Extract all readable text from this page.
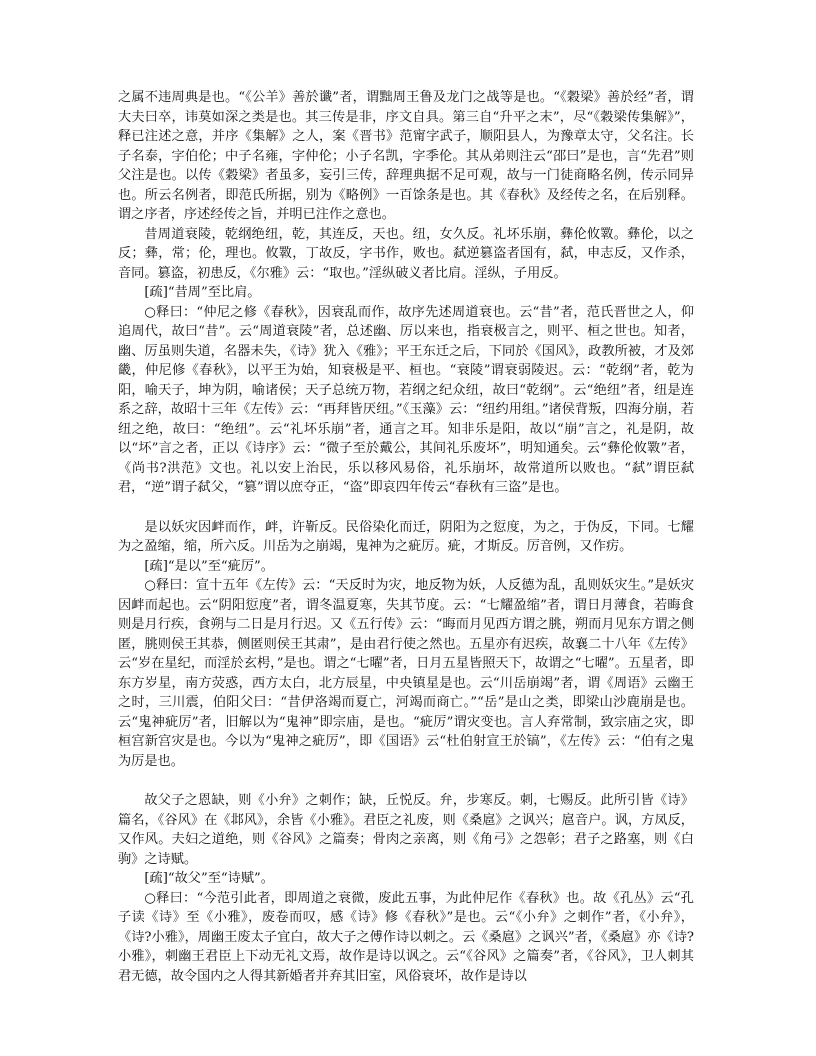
之属不违周典是也。“《公羊》善於谶”者，谓黜周王鲁及龙门之战等是也。“《穀梁》善於经”者，谓大夫曰卒，讳莫如深之类是也。其三传是非，序文自具。第三自“升平之末”，尽“《穀梁传集解》”，释已注述之意，并序《集解》之人，案《晋书》范甯字武子，顺阳县人，为豫章太守，父名注。长子名泰，字伯伦；中子名雍，字仲伦；小子名凯，字季伦。其从弟则注云“邵曰”是也，言“先君”则父注是也。以传《穀梁》者虽多，妄引三传，辞理典据不足可观，故与一门徒商略名例，传示同异也。所云名例者，即范氏所据，别为《略例》一百馀条是也。其《春秋》及经传之名，在后别释。谓之序者，序述经传之旨，并明已注作之意也。

昔周道衰陵，乾纲绝纽，乾，其连反，天也。纽，女久反。礼坏乐崩，彝伦攸斁。彝伦，以之反；彝，常；伦，理也。攸斁，丁故反，字书作，败也。弑逆篡盗者国有，弑，申志反，又作杀，音同。篡盗，初患反，《尔雅》云：“取也。”淫纵破义者比肩。淫纵，子用反。

[疏]“昔周”至比肩。

○释曰：“仲尼之修《春秋》，因衰乱而作，故序先述周道衰也。云“昔”者，范氏晋世之人，仰追周代，故曰“昔”。云“周道衰陵”者，总述幽、厉以来也，指衰极言之，则平、桓之世也。知者，幽、厉虽则失道，名器未失，《诗》犹入《雅》；平王东迁之后，下同於《国风》，政教所被，才及郊畿，仲尼修《春秋》，以平王为始，知衰极是平、桓也。“衰陵”谓衰弱陵迟。云：“乾纲”者，乾为阳，喻天子，坤为阴，喻诸侯；天子总统万物，若纲之纪众纽，故曰“乾纲”。云“绝纽”者，纽是连系之辞，故昭十三年《左传》云：“再拜皆厌纽。”《玉藻》云：“纽约用组。”诸侯背叛，四海分崩，若纽之绝，故曰：“绝纽”。云“礼坏乐崩”者，通言之耳。知非乐是阳，故以“崩”言之，礼是阴，故以“坏”言之者，正以《诗序》云：“微子至於戴公，其间礼乐废坏”，明知通矣。云“彝伦攸斁”者，《尚书?洪范》文也。礼以安上治民，乐以移风易俗，礼乐崩坏，故常道所以败也。“弑”谓臣弑君，“逆”谓子弑父，“篡”谓以庶夺正，“盗”即哀四年传云“春秋有三盗”是也。

是以妖灾因衅而作，衅，许靳反。民俗染化而迁，阴阳为之愆度，为之，于伪反，下同。七耀为之盈缩，缩，所六反。川岳为之崩竭，鬼神为之疵厉。疵，才斯反。厉音例，又作疠。

[疏]“是以”至“疵厉”。

○释曰：宣十五年《左传》云：“天反时为灾，地反物为妖，人反德为乱，乱则妖灾生。”是妖灾因衅而起也。云“阴阳愆度”者，谓冬温夏寒，失其节度。云：“七耀盈缩”者，谓日月薄食，若晦食则是月行疾，食朔与二日是月行迟。又《五行传》云：“晦而月见西方谓之朓，朔而月见东方谓之侧匿，朓则侯王其恭，侧匿则侯王其肃”，是由君行使之然也。五星亦有迟疾，故襄二十八年《左传》云“岁在星纪，而淫於玄枵，”是也。谓之“七曜”者，日月五星皆照天下，故谓之“七曜”。五星者，即东方岁星，南方荧惑，西方太白，北方辰星，中央镇星是也。云“川岳崩竭”者，谓《周语》云幽王之时，三川震，伯阳父曰：“昔伊洛竭而夏亡，河竭而商亡。”“岳”是山之类，即梁山沙鹿崩是也。云“鬼神疵厉”者，旧解以为“鬼神”即宗庙，是也。“疵厉”谓灾变也。言人弃常制，致宗庙之灾，即桓宫新宫灾是也。今以为“鬼神之疵厉”，即《国语》云“杜伯射宣王於镐”，《左传》云：“伯有之鬼为厉是也。

故父子之恩缺，则《小弁》之刺作；缺，丘悦反。弁，步寒反。刺，七赐反。此所引皆《诗》篇名，《谷风》在《邶风》，余皆《小雅》。君臣之礼废，则《桑扈》之讽兴；扈音户。讽，方凤反，又作风。夫妇之道绝，则《谷风》之篇奏；骨肉之亲离，则《角弓》之怨彰；君子之路塞，则《白驹》之诗赋。

[疏]“故父”至“诗赋”。

○释曰：“今范引此者，即周道之衰微，废此五事，为此仲尼作《春秋》也。故《孔丛》云“孔子读《诗》至《小雅》，废卷而叹，感《诗》修《春秋》”是也。云“《小弁》之刺作”者，《小弁》，《诗?小雅》，周幽王废太子宜白，故大子之傅作诗以刺之。云《桑扈》之讽兴”者，《桑扈》亦《诗?小雅》，刺幽王君臣上下动无礼文焉，故作是诗以讽之。云“《谷风》之篇奏”者，《谷风》，卫人刺其君无德，故令国内之人得其新婚者并弃其旧室，风俗衰坏，故作是诗以
